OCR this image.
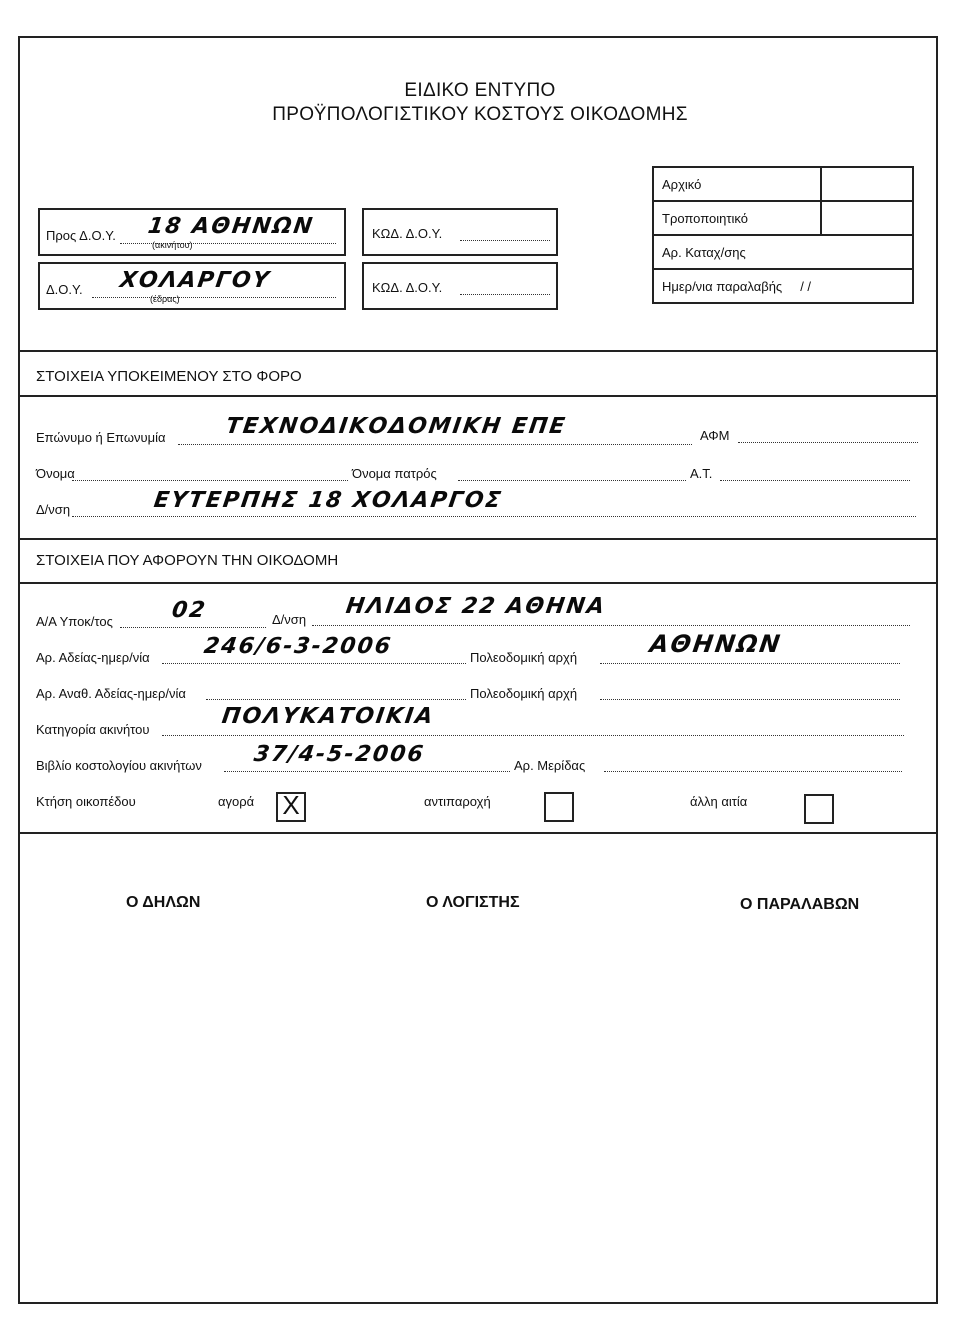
ΕΙΔΙΚΟ ΕΝΤΥΠΟ
ΠΡΟΫΠΟΛΟΓΙΣΤΙΚΟΥ ΚΟΣΤΟΥΣ ΟΙΚΟΔΟΜΗΣ
Προς Δ.Ο.Υ. 18 ΑΘΗΝΩΝ
(ακινήτου)
Δ.Ο.Υ. ΧΟΛΑΡΓΟΥ
(έδρας)
ΚΩΔ. Δ.Ο.Υ.
ΚΩΔ. Δ.Ο.Υ.
Αρχικό	
Τροποποιητικό	
Αρ. Καταχ/σης	
Ημερ/νια παραλαβής / /	
ΣΤΟΙΧΕΙΑ ΥΠΟΚΕΙΜΕΝΟΥ ΣΤΟ ΦΟΡΟ
Επώνυμο ή Επωνυμία	ΤΕΧΝΟΔΙΚΟΔΟΜΙΚΗ ΕΠΕ	ΑΦΜ
Όνομα	Όνομα πατρός	Α.Τ.
Δ/νση	ΕΥΤΕΡΠΗΣ 18 ΧΟΛΑΡΓΟΣ
ΣΤΟΙΧΕΙΑ ΠΟΥ ΑΦΟΡΟΥΝ ΤΗΝ ΟΙΚΟΔΟΜΗ
Α/Α Υποκ/τος	02	Δ/νση
ΗΛΙΔΟΣ 22 ΑΘΗΝΑ
Αρ. Αδείας-ημερ/νία 246/6-3-2006	Πολεοδομική αρχή	ΑΘΗΝΩΝ
Αρ. Αναθ. Αδείας-ημερ/νία	Πολεοδομική αρχή
Κατηγορία ακινήτου
ΠΟΛΥΚΑΤΟΙΚΙΑ
Βιβλίο κοστολογίου ακινήτων 37/4-5-2006	Αρ. Μερίδας
Κτήση οικοπέδου	αγορά X	αντιπαροχή	άλλη αιτία
Ο ΔΗΛΩΝ	Ο ΛΟΓΙΣΤΗΣ	Ο ΠΑΡΑΛΑΒΩΝ
